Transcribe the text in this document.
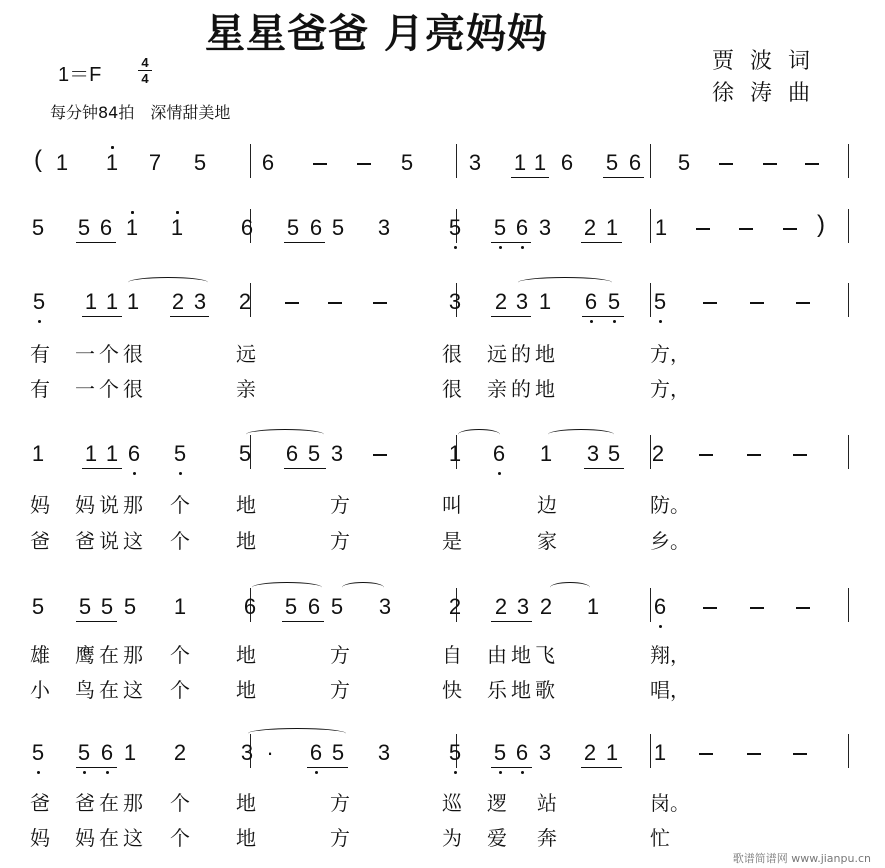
星星爸爸 月亮妈妈
1＝F
4
4
每分钟84拍　深情甜美地
贾波词
徐涛曲
1 1 7 5	6	5	3 1 1 6 5 6 5
5 5 6 1 1	6 5 6 5 3	5 5 6 3 2 1 1
5 1 1 1 2 3 2	3 2 3 1 6 5 5
1 1 1 6 5 5 6 5 3	1 6 1 3 5 2
5 5 5 5 1	6 5 6 5 3	2 2 3 2 1 6
5 5 6 1 2 3 · 6 5 3	5 5 6 3 2 1 1
(
)
有 一个很	远	很 远的地	方，
有 一个很	亲	很 亲的地	方，
妈 妈说那 个 地	方	叫	边	防。
爸 爸说这 个 地	方	是	家	乡。
雄 鹰在那 个 地	方	自 由地飞	翔，
小 鸟在这 个 地	方	快 乐地歌	唱，
爸 爸在那 个 地	方	巡 逻 站	岗。
妈 妈在这 个 地	方	为 爱 奔	忙
歌谱简谱网 www.jianpu.cn
